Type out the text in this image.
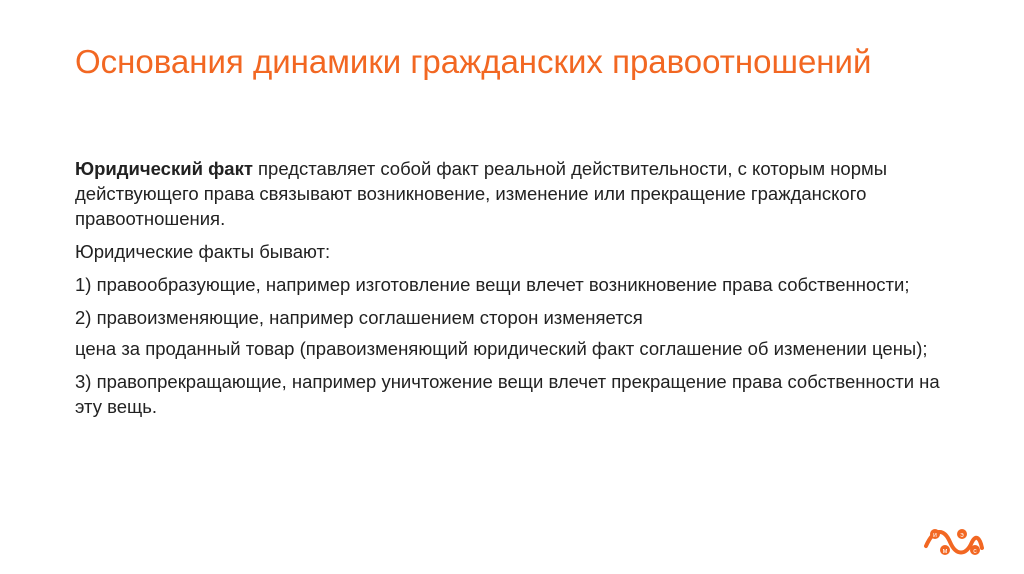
Основания динамики гражданских правоотношений

Юридический факт представляет собой факт реальной действительности, с которым нормы действующего права связывают возникновение, изменение или прекращение гражданского правоотношения.

Юридические факты бывают:

1) правообразующие, например изготовление вещи влечет возникновение права собственности;

2) правоизменяющие, например соглашением сторон изменяется

цена за проданный товар (правоизменяющий юридический факт соглашение об изменении цены);

3) правопрекращающие, например уничтожение вещи влечет прекращение права собственности на эту вещь.

и
м
э
с
